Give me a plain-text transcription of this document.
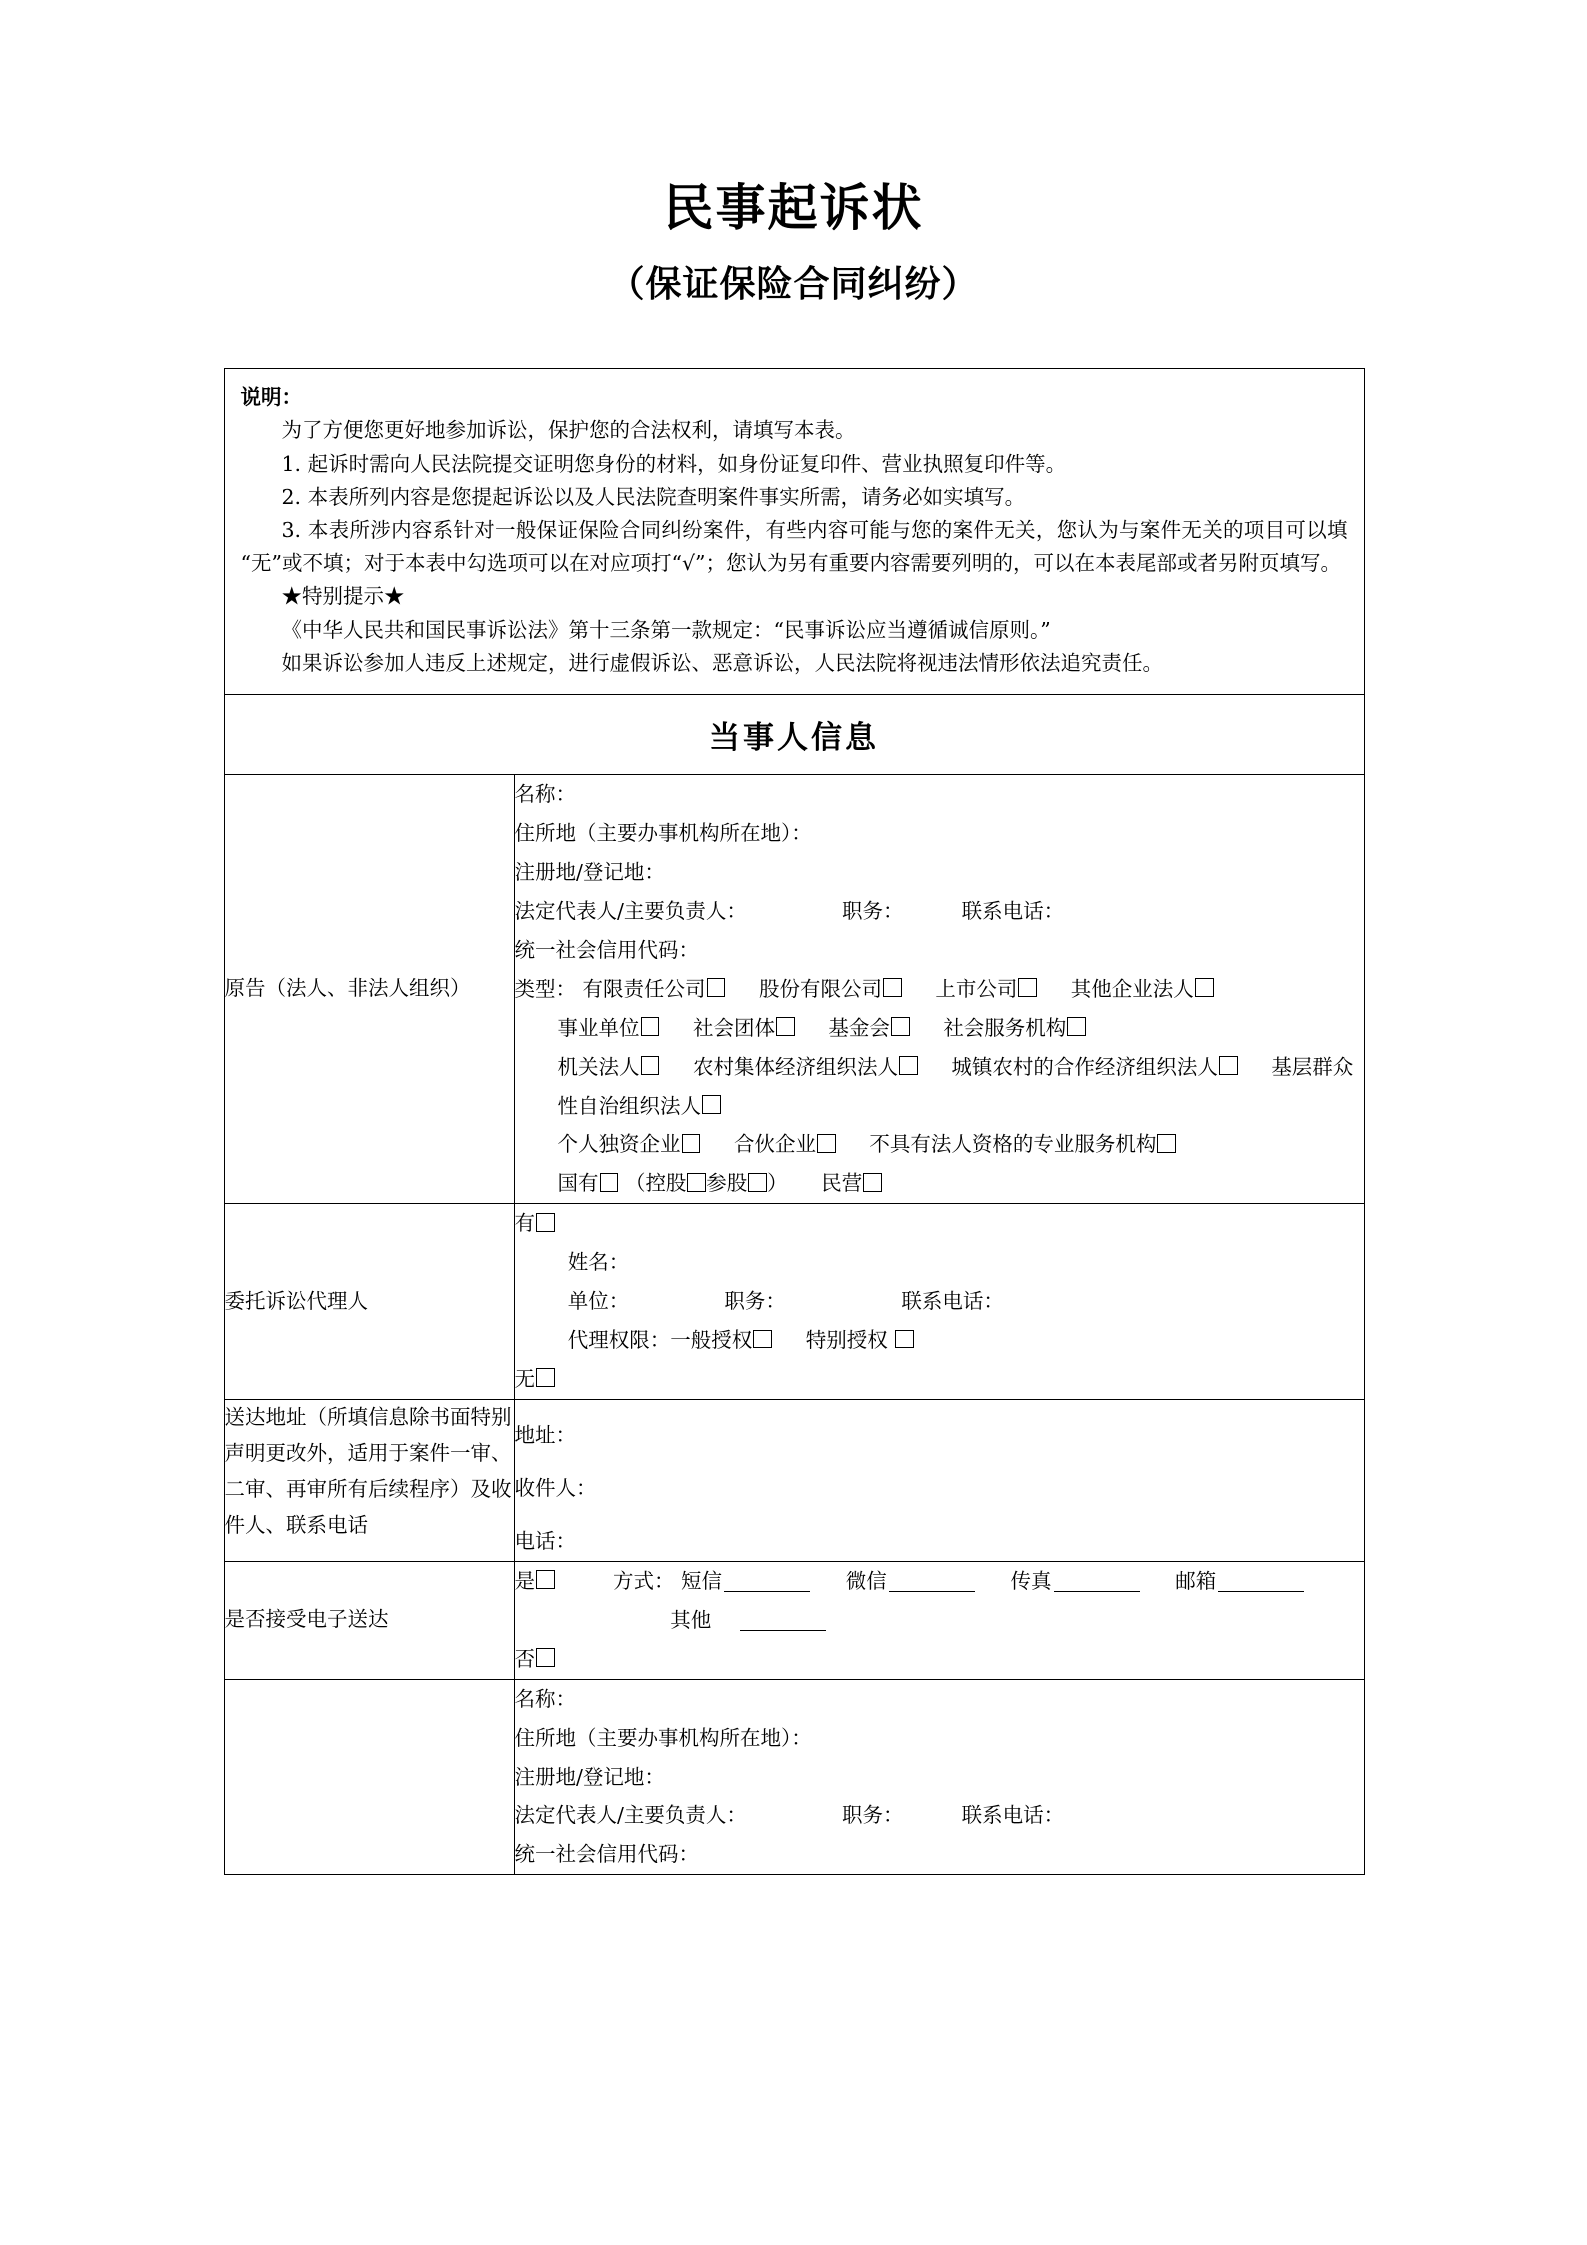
民事起诉状
（保证保险合同纠纷）

说明：

为了方便您更好地参加诉讼，保护您的合法权利，请填写本表。

1. 起诉时需向人民法院提交证明您身份的材料，如身份证复印件、营业执照复印件等。

2. 本表所列内容是您提起诉讼以及人民法院查明案件事实所需，请务必如实填写。

3. 本表所涉内容系针对一般保证保险合同纠纷案件，有些内容可能与您的案件无关，您认为与案件无关的项目可以填“无”或不填；对于本表中勾选项可以在对应项打“√”；您认为另有重要内容需要列明的，可以在本表尾部或者另附页填写。

★特别提示★

《中华人民共和国民事诉讼法》第十三条第一款规定：“民事诉讼应当遵循诚信原则。”

如果诉讼参加人违反上述规定，进行虚假诉讼、恶意诉讼，人民法院将视违法情形依法追究责任。

当事人信息	

原告（法人、非法人组织）	
名称：
住所地（主要办事机构所在地）：
注册地/登记地：
法定代表人/主要负责人：	职务：	联系电话：
统一社会信用代码：
类型： 有限责任公司	股份有限公司	上市公司	其他企业法人
事业单位	社会团体	基金会	社会服务机构
机关法人	农村集体经济组织法人	城镇农村的合作经济组织法人	基层群众性自治组织法人
个人独资企业	合伙企业	不具有法人资格的专业服务机构
国有 （控股 参股 ） 民营

委托诉讼代理人	有
姓名：
单位： 职务： 联系电话：
代理权限：一般授权 特别授权
无

送达地址（所填信息除书面特别声明更改外，适用于案件一审、二审、再审所有后续程序）及收件人、联系电话	地址：
收件人：
电话：

是否接受电子送达	是 方式： 短信 微信 传真 邮箱
其他
否

	名称：
住所地（主要办事机构所在地）：
注册地/登记地：
法定代表人/主要负责人： 职务： 联系电话：
统一社会信用代码：
